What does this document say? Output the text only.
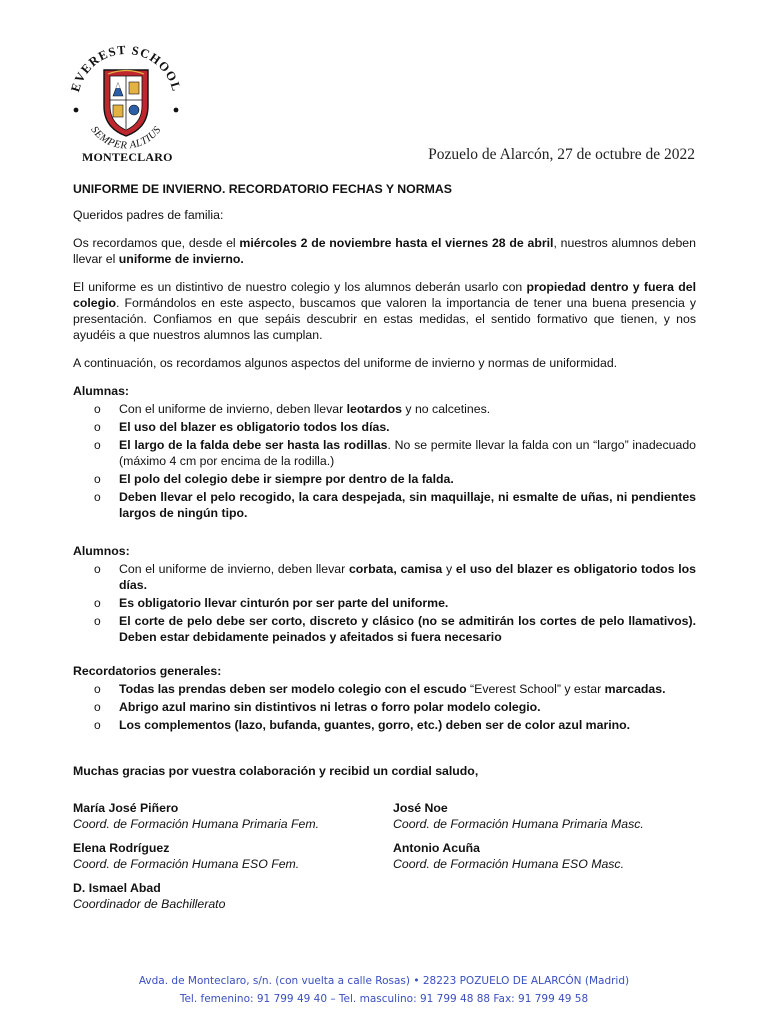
EVEREST SCHOOL
SEMPER ALTIUS
MONTECLARO	Pozuelo de Alarcón, 27 de octubre de 2022

UNIFORME DE INVIERNO. RECORDATORIO FECHAS Y NORMAS

Queridos padres de familia:

Os recordamos que, desde el miércoles 2 de noviembre hasta el viernes 28 de abril, nuestros alumnos deben llevar el uniforme de invierno.

El uniforme es un distintivo de nuestro colegio y los alumnos deberán usarlo con propiedad dentro y fuera del colegio. Formándolos en este aspecto, buscamos que valoren la importancia de tener una buena presencia y presentación. Confiamos en que sepáis descubrir en estas medidas, el sentido formativo que tienen, y nos ayudéis a que nuestros alumnos las cumplan.

A continuación, os recordamos algunos aspectos del uniforme de invierno y normas de uniformidad.

Alumnas:

o Con el uniforme de invierno, deben llevar leotardos y no calcetines.
o El uso del blazer es obligatorio todos los días.
o El largo de la falda debe ser hasta las rodillas. No se permite llevar la falda con un “largo” inadecuado (máximo 4 cm por encima de la rodilla.)
o El polo del colegio debe ir siempre por dentro de la falda.
o Deben llevar el pelo recogido, la cara despejada, sin maquillaje, ni esmalte de uñas, ni pendientes largos de ningún tipo.

Alumnos:

o Con el uniforme de invierno, deben llevar corbata, camisa y el uso del blazer es obligatorio todos los días.
o Es obligatorio llevar cinturón por ser parte del uniforme.
o El corte de pelo debe ser corto, discreto y clásico (no se admitirán los cortes de pelo llamativos). Deben estar debidamente peinados y afeitados si fuera necesario

Recordatorios generales:

o Todas las prendas deben ser modelo colegio con el escudo “Everest School” y estar marcadas.
o Abrigo azul marino sin distintivos ni letras o forro polar modelo colegio.
o Los complementos (lazo, bufanda, guantes, gorro, etc.) deben ser de color azul marino.

Muchas gracias por vuestra colaboración y recibid un cordial saludo,

María José Piñero
Coord. de Formación Humana Primaria Fem.
José Noe
Coord. de Formación Humana Primaria Masc.
Elena Rodríguez
Coord. de Formación Humana ESO Fem.
Antonio Acuña
Coord. de Formación Humana ESO Masc.
D. Ismael Abad
Coordinador de Bachillerato
Avda. de Monteclaro, s/n. (con vuelta a calle Rosas) • 28223 POZUELO DE ALARCÓN (Madrid)
Tel. femenino: 91 799 49 40 – Tel. masculino: 91 799 48 88 Fax: 91 799 49 58
